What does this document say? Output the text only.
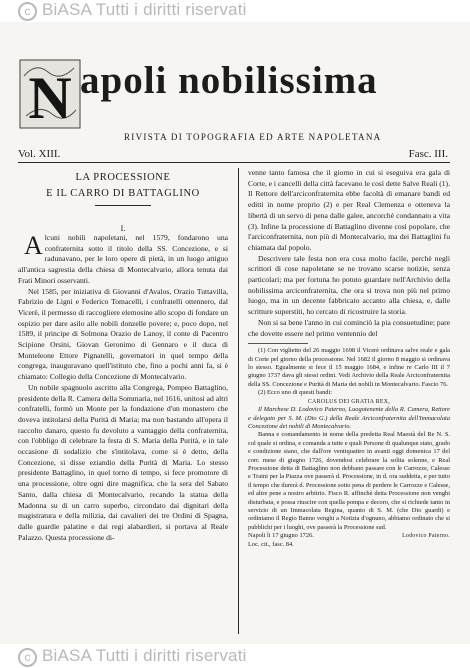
c BiASA Tutti i diritti riservati
N apoli nobilissima
RIVISTA DI TOPOGRAFIA ED ARTE NAPOLETANA
Vol. XIII.	Fasc. III.
LA PROCESSIONE
E IL CARRO DI BATTAGLINO
I.

Alcuni nobili napoletani, nel 1579, fondarono una confraternita sotto il titolo della SS. Concezione, e si radunavano, per le loro opere di pietà, in un luogo attiguo all'antica sagrestia della chiesa di Montecalvario, allora tenuta dai Frati Minori osservanti.

Nel 1585, per iniziativa di Giovanni d'Avalos, Orazio Tuttavilla, Fabrizio de Ligni e Federico Tomacelli, i confratelli ottennero, dal Vicerè, il permesso di raccogliere elemosine allo scopo di fondare un ospizio per dare asilo alle nobili donzelle povere; e, poco dopo, nel 1589, il principe di Solmona Orazio de Lanoy, il conte di Pacentro Scipione Orsini, Giovan Geronimo di Gennaro e il duca di Monteleone Ettore Pignatelli, governatori in quel tempo della congrega, inauguravano quell'istituto che, fino a pochi anni fa, si è chiamato: Collegio della Concezione di Montecalvario.

Un nobile spagnuolo ascritto alla Congrega, Pompeo Battaglino, presidente della R. Camera della Sommaria, nel 1616, unitosi ad altri confratelli, formò un Monte per la fondazione d'un monastero che doveva intitolarsi della Purità di Maria; ma non bastando all'opera il raccolto danaro, questo fu devoluto a vantaggio della confraternita, con l'obbligo di celebrare la festa di S. Maria della Purità, e in tale occasione di sodalizio che s'intitolava, come si è detto, della Concezione, si disse eziandio della Purità di Maria. Lo stesso presidente Battaglino, in quel torno di tempo, si fece promotore di una processione, oltre ogni dire magnifica, che la sera del Sabato Santo, dalla chiesa di Montecalvario, recando la statua della Madonna su di un carro superbo, circondato dai dignitari della magistratura e della milizia, dai cavalieri dei tre Ordini di Spagna, dalle guardie palatine e dai regi alabardieri, si portava al Reale Palazzo. Questa processione di-

venne tanto famosa che il giorno in cui si eseguiva era gala di Corte, e i cancelli della città facevano le così dette Salve Reali (1). Il Rettore dell'arciconfraternita ebbe facoltà di emanare bandi ed editti in nome proprio (2) e per Real Clemenza e otteneva la libertà di un servo di pena dalle galee, ancorchè condannato a vita (3). Infine la processione di Battaglino divenne così popolare, che l'arciconfraternita, non più di Montecalvario, ma dei Battaglini fu chiamata dal popolo.

Descrivere tale festa non era cosa molto facile, perchè negli scrittori di cose napoletane se ne trovano scarse notizie, senza particolari; ma per fortuna ho potuto guardare nell'Archivio della nobilissima arciconfraternita, che ora si trova non più nel primo luogo, ma in un decente fabbricato accanto alla chiesa, e, dalle scritture superstiti, ho cercato di ricostruire la storia.

Non si sa bene l'anno in cui cominciò la pia consuetudine; pare che dovette essere nel primo ventennio del

(1) Con viglietto del 26 maggio 1698 il Vicerè ordinava salve reale e gala di Corte pel giorno della processione. Nel 1682 il giorno 8 maggio si ordinava lo stesso. Egualmente si fece il 15 maggio 1684, e infine re Carlo III il 7 giugno 1737 dava gli stessi ordini. Vedi Archivio della Reale Arciconfraternita della SS. Concezione e Purità di Maria dei nobili in Montecalvario. Fascio 76.

(2) Ecco uno di questi bandi:

CAROLUS DEI GRATIA REX,

Il Marchese D. Lodovico Paterno, Luogotenente della R. Camera, Rettore e delegato per S. M. (Dio G.) della Reale Arciconfraternita dell'Immacolata Concezione dei nobili di Montecalvario.

Banna e comandamento in nome della predetta Real Maestà del Re N. S. col quale si ordina, e comanda a tutte e quali Persone di qualunque stato, grado e condizione siano, che dall'ore ventiquattro in avanti oggi domenica 17 del corr. mese di giugno 1726, dovendosi celebrare la solita solenne, e Real Processione detta di Battaglino non debbano passare con le Carrozze, Calesse e Traini per la Piazza ove passerà d. Processione, in d. ora suddetta, e per tutto il tempo che durerà d. Processione sotto pena di perdere le Carrozze e Calesse, ed altre pene a nostro arbitrio. Fisco R. affinchè detta Processione non venghi disturbata, e possa riuscire con quella pompa e decoro, che si richiede tanto in servizio di un Immacolata Regina, quanto di S. M. (che Dio guardi) e ordiniamo il Regio Banno venghi a Notizia d'ognuno, abbiamo ordinato che si pubblichi per i luoghi, ove passerà la Processione sud.

Napoli li 17 giugno 1726.	Lodovico Paterno.

Loc. cit., fasc. 84.

c BiASA Tutti i diritti riservati
